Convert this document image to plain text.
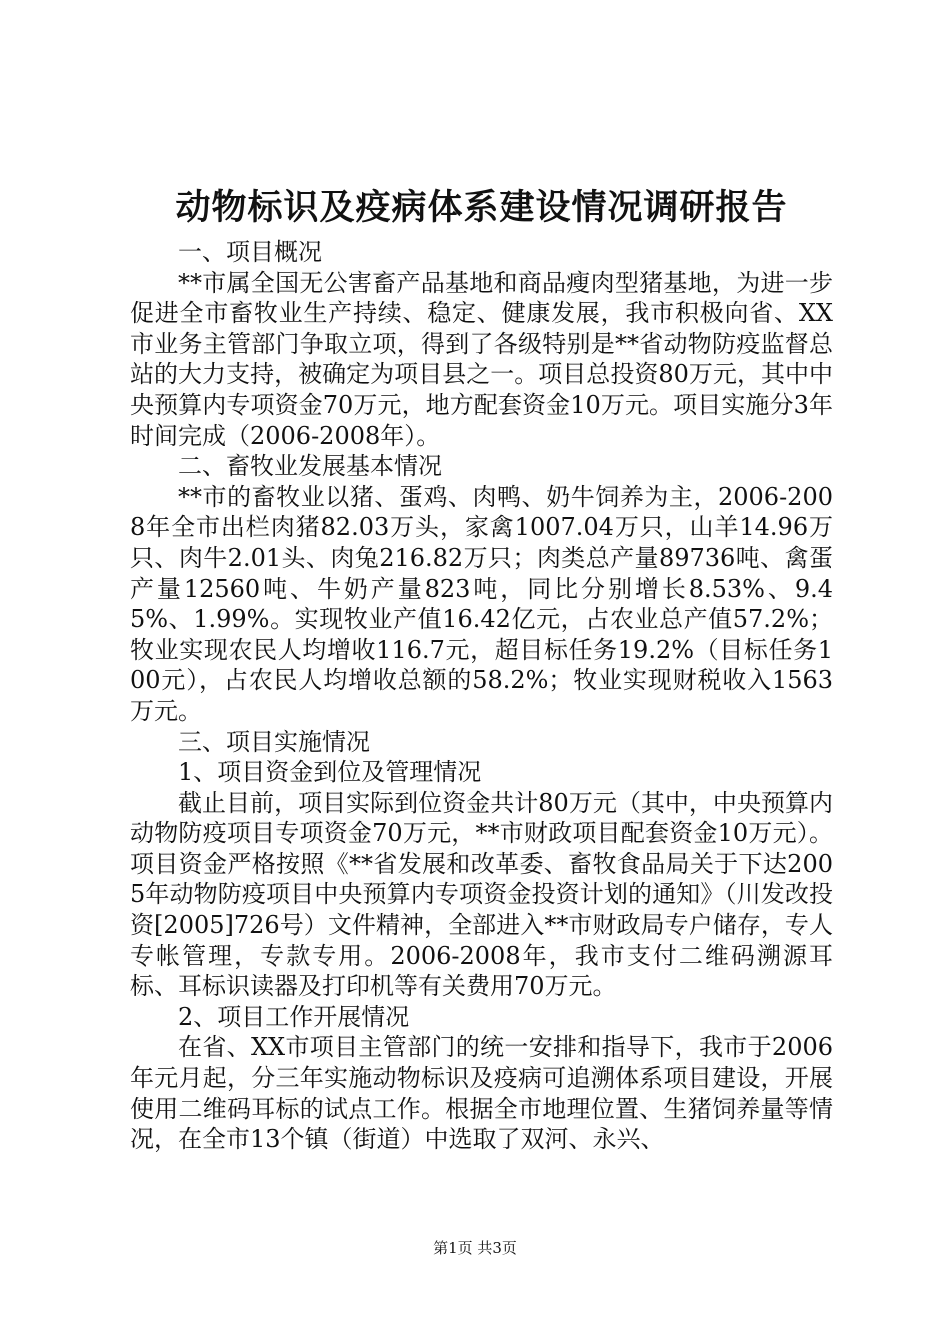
动物标识及疫病体系建设情况调研报告

一、项目概况

**市属全国无公害畜产品基地和商品瘦肉型猪基地，为进一步促进全市畜牧业生产持续、稳定、健康发展，我市积极向省、XX市业务主管部门争取立项，得到了各级特别是**省动物防疫监督总站的大力支持，被确定为项目县之一。项目总投资80万元，其中中央预算内专项资金70万元，地方配套资金10万元。项目实施分3年时间完成（2006-2008年）。

二、畜牧业发展基本情况

**市的畜牧业以猪、蛋鸡、肉鸭、奶牛饲养为主，2006-2008年全市出栏肉猪82.03万头，家禽1007.04万只，山羊14.96万只、肉牛2.01头、肉兔216.82万只；肉类总产量89736吨、禽蛋产量12560吨、牛奶产量823吨，同比分别增长8.53%、9.45%、1.99%。实现牧业产值16.42亿元，占农业总产值57.2%；牧业实现农民人均增收116.7元，超目标任务19.2%（目标任务100元），占农民人均增收总额的58.2%；牧业实现财税收入1563万元。

三、项目实施情况

1、项目资金到位及管理情况

截止目前，项目实际到位资金共计80万元（其中，中央预算内动物防疫项目专项资金70万元，**市财政项目配套资金10万元）。项目资金严格按照《**省发展和改革委、畜牧食品局关于下达2005年动物防疫项目中央预算内专项资金投资计划的通知》（川发改投资[2005]726号）文件精神，全部进入**市财政局专户储存，专人专帐管理，专款专用。2006-2008年，我市支付二维码溯源耳标、耳标识读器及打印机等有关费用70万元。

2、项目工作开展情况

在省、XX市项目主管部门的统一安排和指导下，我市于2006年元月起，分三年实施动物标识及疫病可追溯体系项目建设，开展使用二维码耳标的试点工作。根据全市地理位置、生猪饲养量等情况，在全市13个镇（街道）中选取了双河、永兴、

第1页 共3页
